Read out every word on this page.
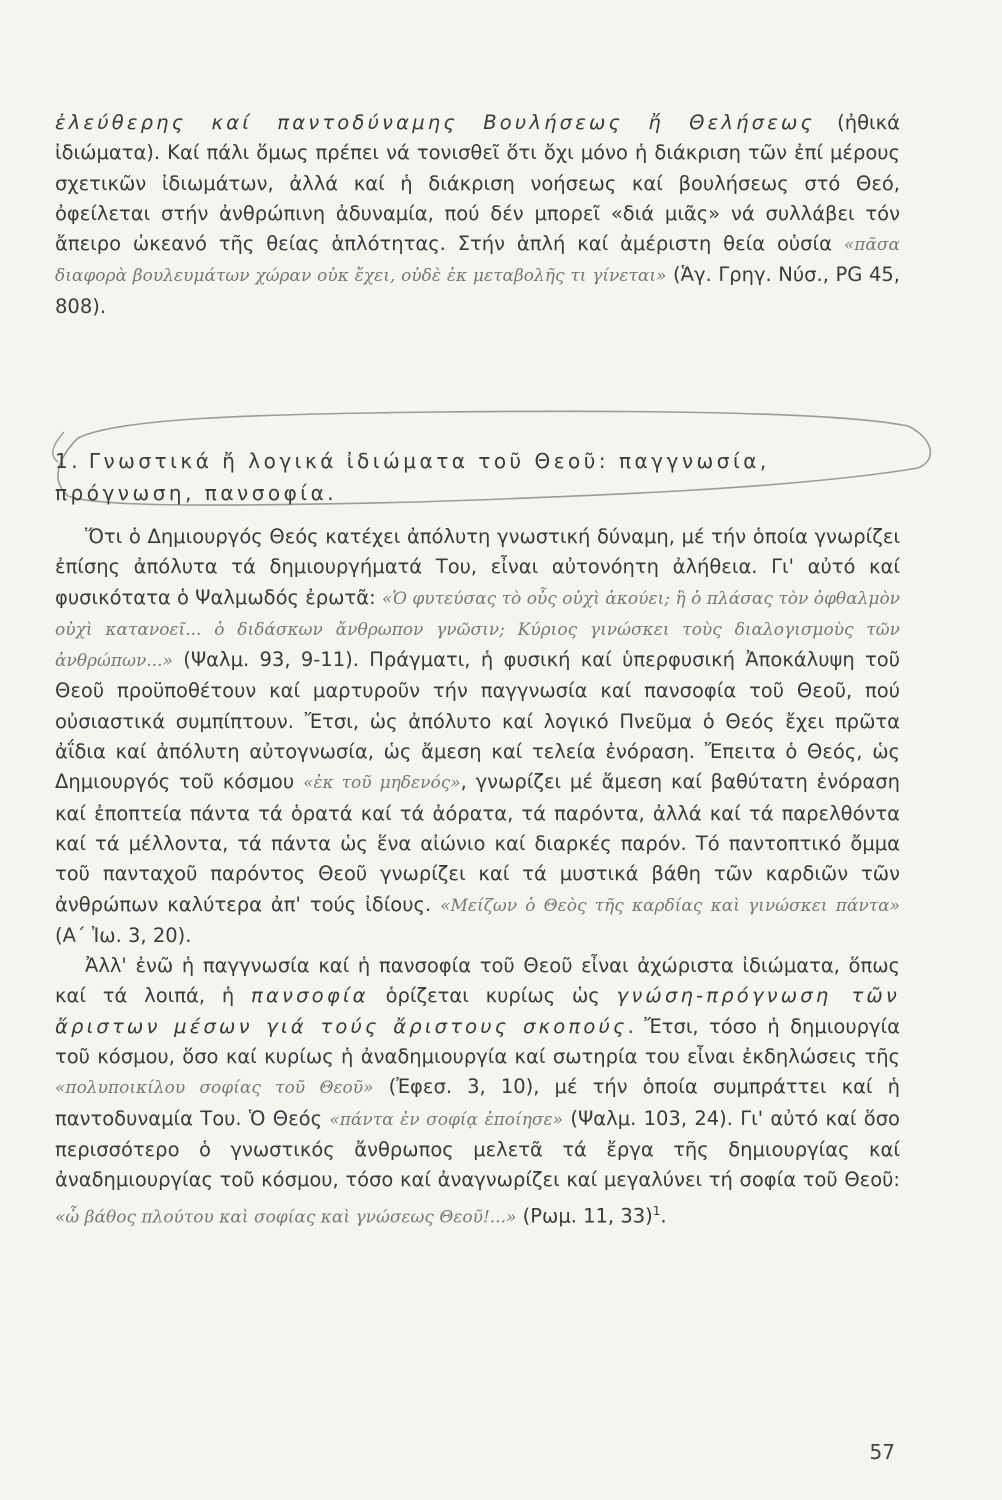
ἐλεύθερης καί παντοδύναμης Βουλήσεως ἤ Θελήσεως (ἠθικά ἰδιώματα). Καί πάλι ὅμως πρέπει νά τονισθεῖ ὅτι ὄχι μόνο ἡ διάκριση τῶν ἐπί μέρους σχετικῶν ἰδιωμάτων, ἀλλά καί ἡ διάκριση νοήσεως καί βουλήσεως στό Θεό, ὀφείλεται στήν ἀνθρώπινη ἀδυναμία, πού δέν μπορεῖ «διά μιᾶς» νά συλλάβει τόν ἄπειρο ὠκεανό τῆς θείας ἁπλότητας. Στήν ἁπλή καί ἀμέριστη θεία οὐσία «πᾶσα διαφορὰ βουλευμάτων χώραν οὐκ ἔχει, οὐδὲ ἐκ μεταβολῆς τι γίνεται» (Ἁγ. Γρηγ. Νύσ., PG 45, 808).

1. Γνωστικά ἤ λογικά ἰδιώματα τοῦ Θεοῦ: παγγνωσία, πρόγνωση, πανσοφία.

Ὅτι ὁ Δημιουργός Θεός κατέχει ἀπόλυτη γνωστική δύναμη, μέ τήν ὁποία γνωρίζει ἐπίσης ἀπόλυτα τά δημιουργήματά Του, εἶναι αὐτονόητη ἀλήθεια. Γι' αὐτό καί φυσικότατα ὁ Ψαλμωδός ἐρωτᾶ: «Ὁ φυτεύσας τὸ οὖς οὐχὶ ἀκούει; ἢ ὁ πλάσας τὸν ὀφθαλμὸν οὐχὶ κατανοεῖ... ὁ διδάσκων ἄνθρωπον γνῶσιν; Κύριος γινώσκει τοὺς διαλογισμοὺς τῶν ἀνθρώπων...» (Ψαλμ. 93, 9-11). Πράγματι, ἡ φυσική καί ὑπερφυσική Ἀποκάλυψη τοῦ Θεοῦ προϋποθέτουν καί μαρτυροῦν τήν παγγνωσία καί πανσοφία τοῦ Θεοῦ, πού οὐσιαστικά συμπίπτουν. Ἔτσι, ὡς ἀπόλυτο καί λογικό Πνεῦμα ὁ Θεός ἔχει πρῶτα ἀΐδια καί ἀπόλυτη αὐτογνωσία, ὡς ἄμεση καί τελεία ἐνόραση. Ἔπειτα ὁ Θεός, ὡς Δημιουργός τοῦ κόσμου «ἐκ τοῦ μηδενός», γνωρίζει μέ ἄμεση καί βαθύτατη ἐνόραση καί ἐποπτεία πάντα τά ὁρατά καί τά ἀόρατα, τά παρόντα, ἀλλά καί τά παρελθόντα καί τά μέλλοντα, τά πάντα ὡς ἕνα αἰώνιο καί διαρκές παρόν. Τό παντοπτικό ὄμμα τοῦ πανταχοῦ παρόντος Θεοῦ γνωρίζει καί τά μυστικά βάθη τῶν καρδιῶν τῶν ἀνθρώπων καλύτερα ἀπ' τούς ἰδίους. «Μείζων ὁ Θεὸς τῆς καρδίας καὶ γινώσκει πάντα» (Α΄ Ἰω. 3, 20).

Ἀλλ' ἐνῶ ἡ παγγνωσία καί ἡ πανσοφία τοῦ Θεοῦ εἶναι ἀχώριστα ἰδιώματα, ὅπως καί τά λοιπά, ἡ πανσοφία ὁρίζεται κυρίως ὡς γνώση-πρόγνωση τῶν ἄριστων μέσων γιά τούς ἄριστους σκοπούς. Ἔτσι, τόσο ἡ δημιουργία τοῦ κόσμου, ὅσο καί κυρίως ἡ ἀναδημιουργία καί σωτηρία του εἶναι ἐκδηλώσεις τῆς «πολυποικίλου σοφίας τοῦ Θεοῦ» (Ἐφεσ. 3, 10), μέ τήν ὁποία συμπράττει καί ἡ παντοδυναμία Του. Ὁ Θεός «πάντα ἐν σοφίᾳ ἐποίησε» (Ψαλμ. 103, 24). Γι' αὐτό καί ὅσο περισσότερο ὁ γνωστικός ἄνθρωπος μελετᾶ τά ἔργα τῆς δημιουργίας καί ἀναδημιουργίας τοῦ κόσμου, τόσο καί ἀναγνωρίζει καί μεγαλύνει τή σοφία τοῦ Θεοῦ: «ὦ βάθος πλούτου καὶ σοφίας καὶ γνώσεως Θεοῦ!...» (Ρωμ. 11, 33)$^1$.

57
